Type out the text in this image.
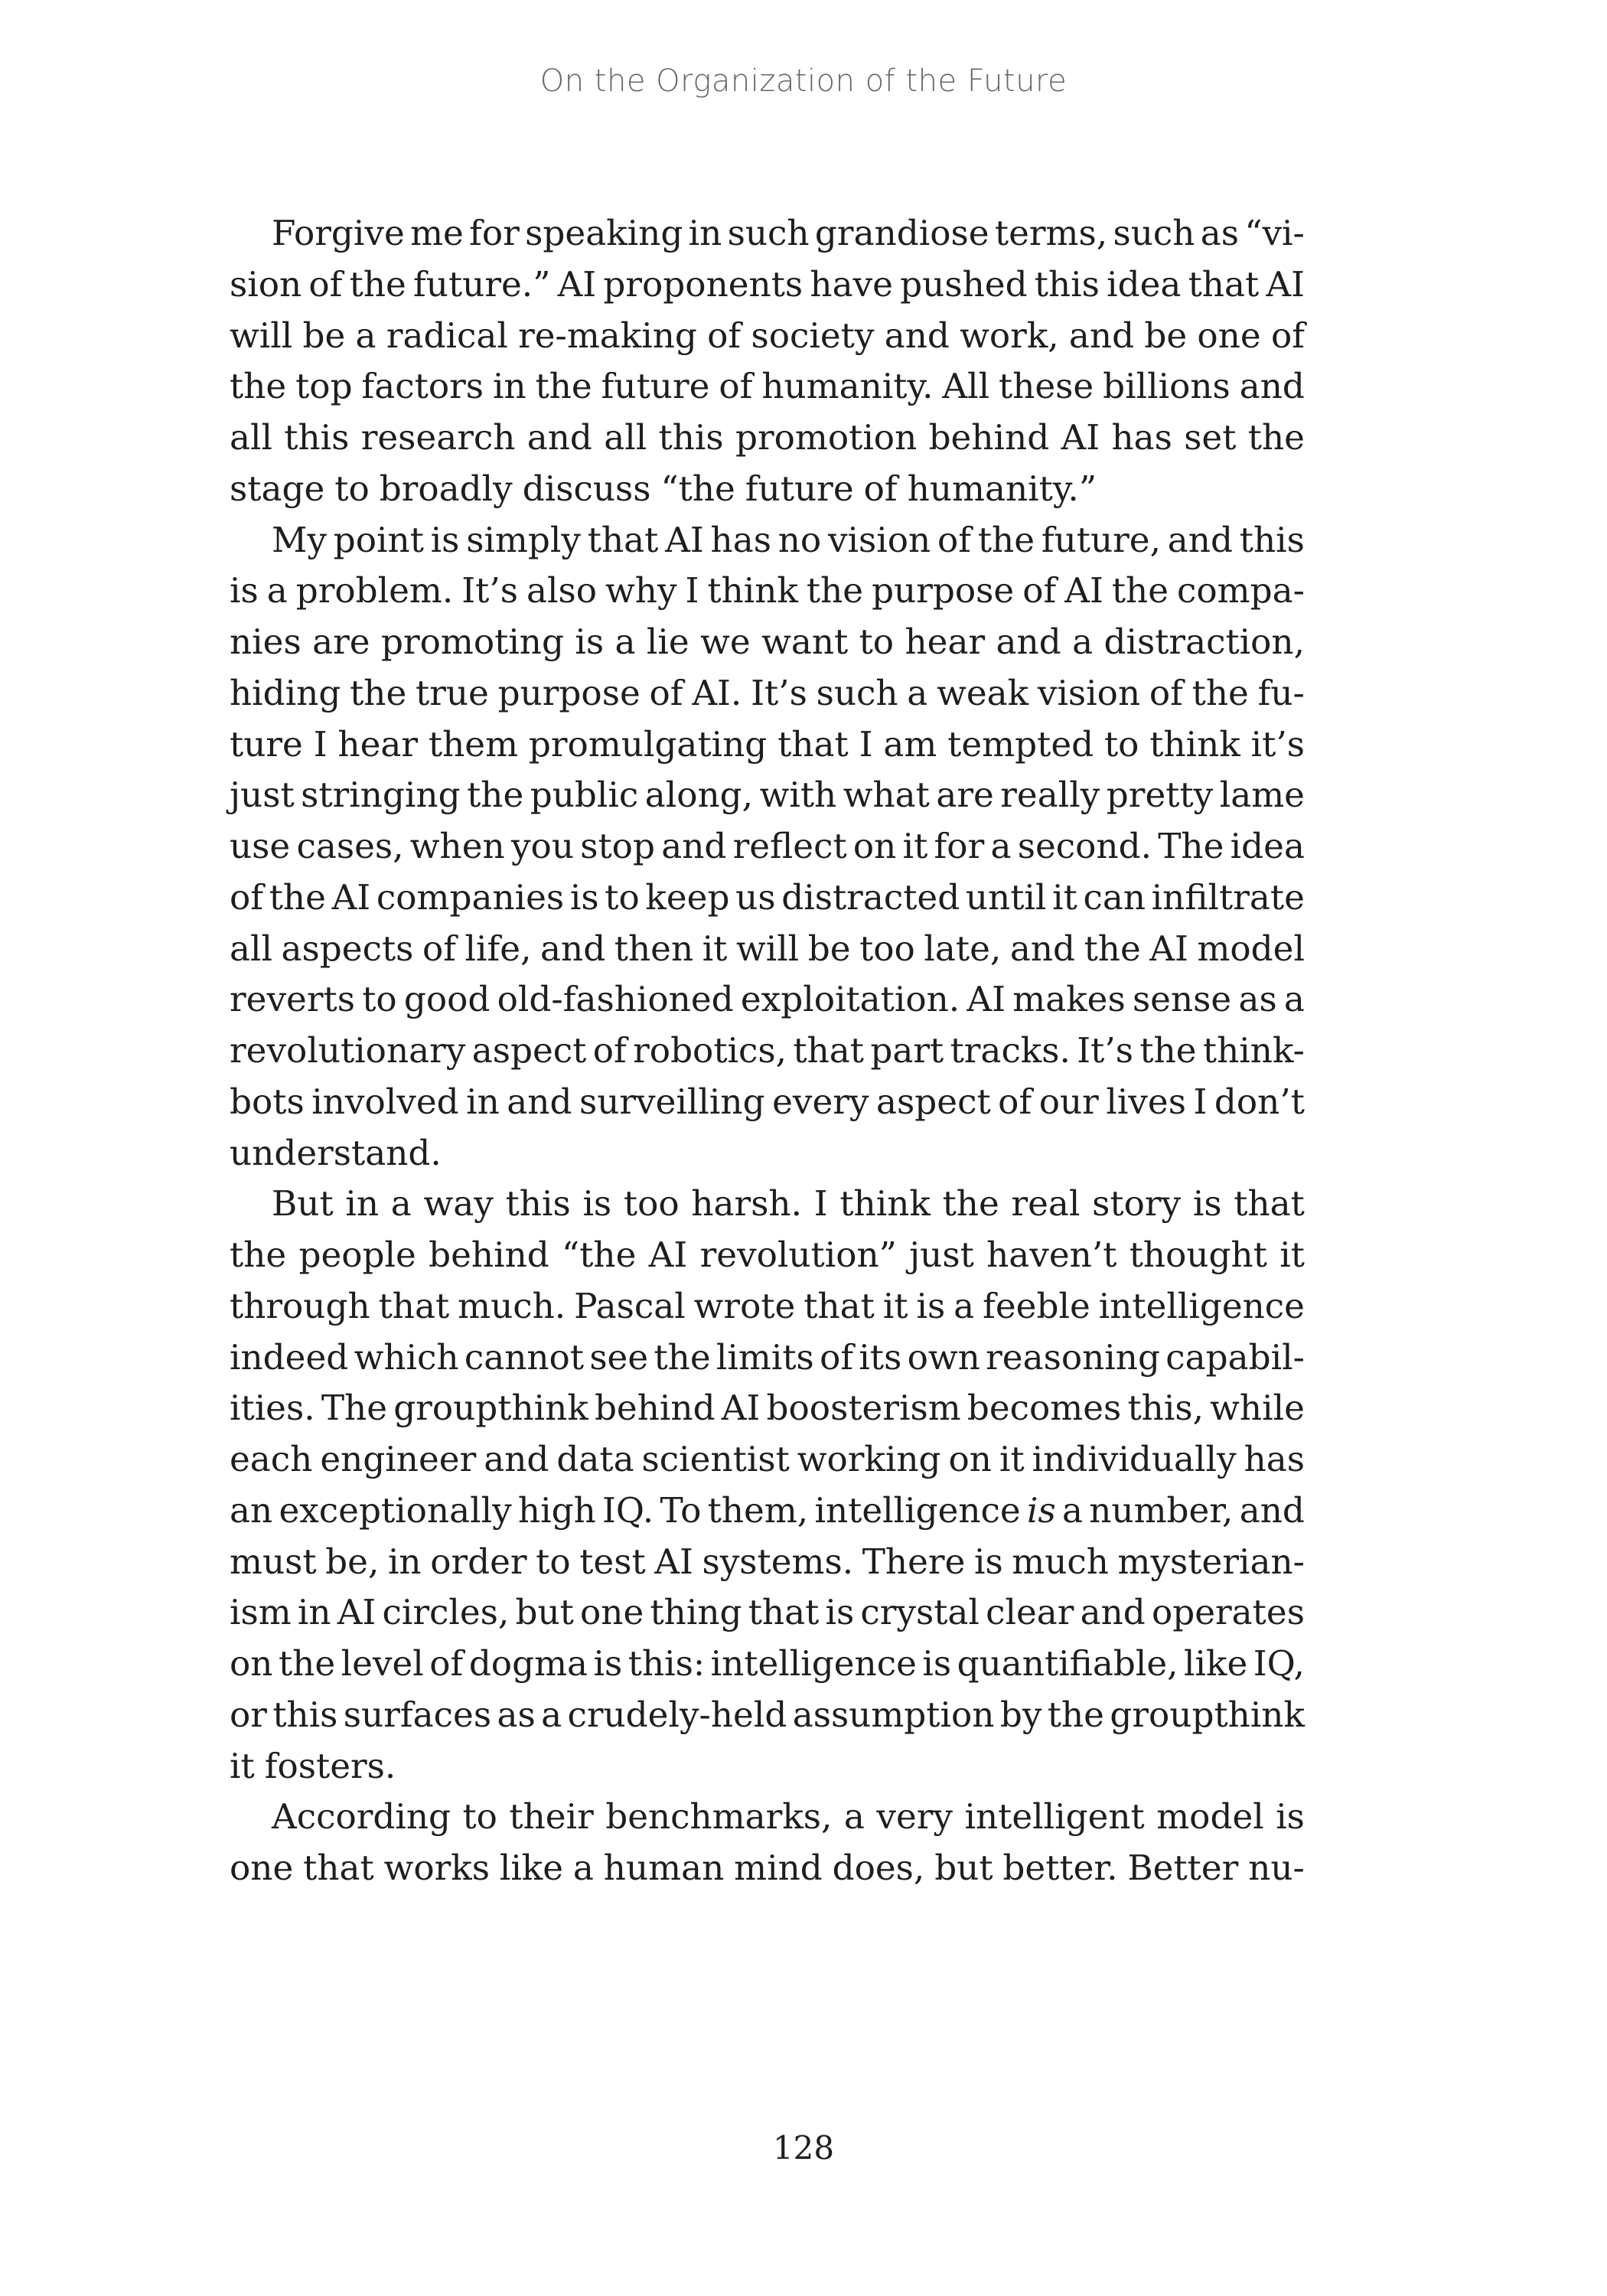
On the Organization of the Future
Forgive me for speaking in such grandiose terms, such as “vi-
sion of the future.” AI proponents have pushed this idea that AI
will be a radical re-making of society and work, and be one of
the top factors in the future of humanity. All these billions and
all this research and all this promotion behind AI has set the
stage to broadly discuss “the future of humanity.”
My point is simply that AI has no vision of the future, and this
is a problem. It’s also why I think the purpose of AI the compa-
nies are promoting is a lie we want to hear and a distraction,
hiding the true purpose of AI. It’s such a weak vision of the fu-
ture I hear them promulgating that I am tempted to think it’s
just stringing the public along, with what are really pretty lame
use cases, when you stop and reflect on it for a second. The idea
of the AI companies is to keep us distracted until it can infiltrate
all aspects of life, and then it will be too late, and the AI model
reverts to good old-fashioned exploitation. AI makes sense as a
revolutionary aspect of robotics, that part tracks. It’s the think-
bots involved in and surveilling every aspect of our lives I don’t
understand.
But in a way this is too harsh. I think the real story is that
the people behind “the AI revolution” just haven’t thought it
through that much. Pascal wrote that it is a feeble intelligence
indeed which cannot see the limits of its own reasoning capabil-
ities. The groupthink behind AI boosterism becomes this, while
each engineer and data scientist working on it individually has
an exceptionally high IQ. To them, intelligence is a number, and
must be, in order to test AI systems. There is much mysterian-
ism in AI circles, but one thing that is crystal clear and operates
on the level of dogma is this: intelligence is quantifiable, like IQ,
or this surfaces as a crudely-held assumption by the groupthink
it fosters.
According to their benchmarks, a very intelligent model is
one that works like a human mind does, but better. Better nu-
128
